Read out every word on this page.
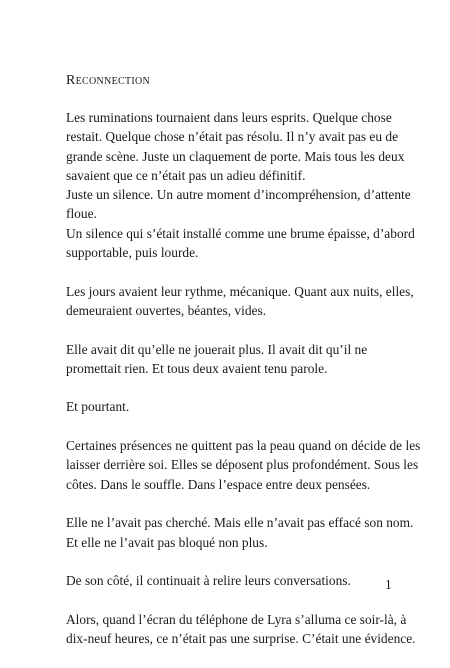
Reconnection

Les ruminations tournaient dans leurs esprits. Quelque chose
restait. Quelque chose n’était pas résolu. Il n’y avait pas eu de
grande scène. Juste un claquement de porte. Mais tous les deux
savaient que ce n’était pas un adieu définitif.
Juste un silence. Un autre moment d’incompréhension, d’attente
floue.
Un silence qui s’était installé comme une brume épaisse, d’abord
supportable, puis lourde.

Les jours avaient leur rythme, mécanique. Quant aux nuits, elles,
demeuraient ouvertes, béantes, vides.

Elle avait dit qu’elle ne jouerait plus. Il avait dit qu’il ne
promettait rien. Et tous deux avaient tenu parole.

Et pourtant.

Certaines présences ne quittent pas la peau quand on décide de les
laisser derrière soi. Elles se déposent plus profondément. Sous les
côtes. Dans le souffle. Dans l’espace entre deux pensées.

Elle ne l’avait pas cherché. Mais elle n’avait pas effacé son nom.
Et elle ne l’avait pas bloqué non plus.

De son côté, il continuait à relire leurs conversations.

Alors, quand l’écran du téléphone de Lyra s’alluma ce soir-là, à
dix-neuf heures, ce n’était pas une surprise. C’était une évidence.

1
